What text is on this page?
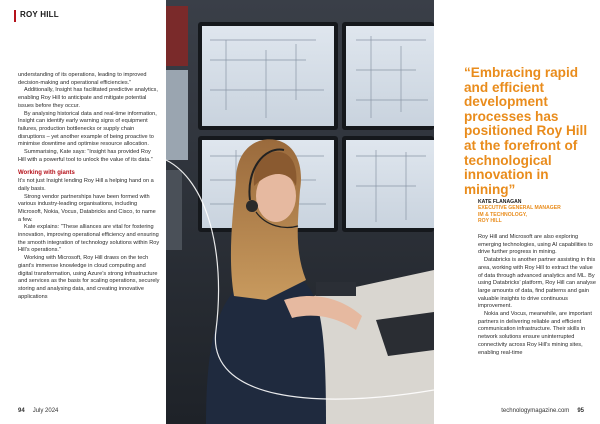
ROY HILL

understanding of its operations, leading to improved decision-making and operational efficiencies.”

Additionally, Insight has facilitated predictive analytics, enabling Roy Hill to anticipate and mitigate potential issues before they occur.

By analysing historical data and real-time information, Insight can identify early warning signs of equipment failures, production bottlenecks or supply chain disruptions – yet another example of being proactive to minimise downtime and optimise resource allocation.

Summarising, Kate says: “Insight has provided Roy Hill with a powerful tool to unlock the value of its data.”

Working with giants

It’s not just Insight lending Roy Hill a helping hand on a daily basis.

Strong vendor partnerships have been formed with various industry-leading organisations, including Microsoft, Nokia, Vocus, Databricks and Cisco, to name a few.

Kate explains: “These alliances are vital for fostering innovation, improving operational efficiency and ensuring the smooth integration of technology solutions within Roy Hill’s operations.”

Working with Microsoft, Roy Hill draws on the tech giant’s immense knowledge in cloud computing and digital transformation, using Azure’s strong infrastructure and services as the basis for scaling operations, securely storing and analysing data, and creating innovative applications

94 July 2024
“Embracing rapid and efficient development processes has positioned Roy Hill at the forefront of technological innovation in mining”
KATE FLANAGAN
EXECUTIVE GENERAL MANAGER
IM & TECHNOLOGY,
ROY HILL

Roy Hill and Microsoft are also exploring emerging technologies, using AI capabilities to drive further progress in mining.

Databricks is another partner assisting in this area, working with Roy Hill to extract the value of data through advanced analytics and ML. By using Databricks’ platform, Roy Hill can analyse large amounts of data, find patterns and gain valuable insights to drive continuous improvement.

Nokia and Vocus, meanwhile, are important partners in delivering reliable and efficient communication infrastructure. Their skills in network solutions ensure uninterrupted connectivity across Roy Hill’s mining sites, enabling real-time

technologymagazine.com 95
